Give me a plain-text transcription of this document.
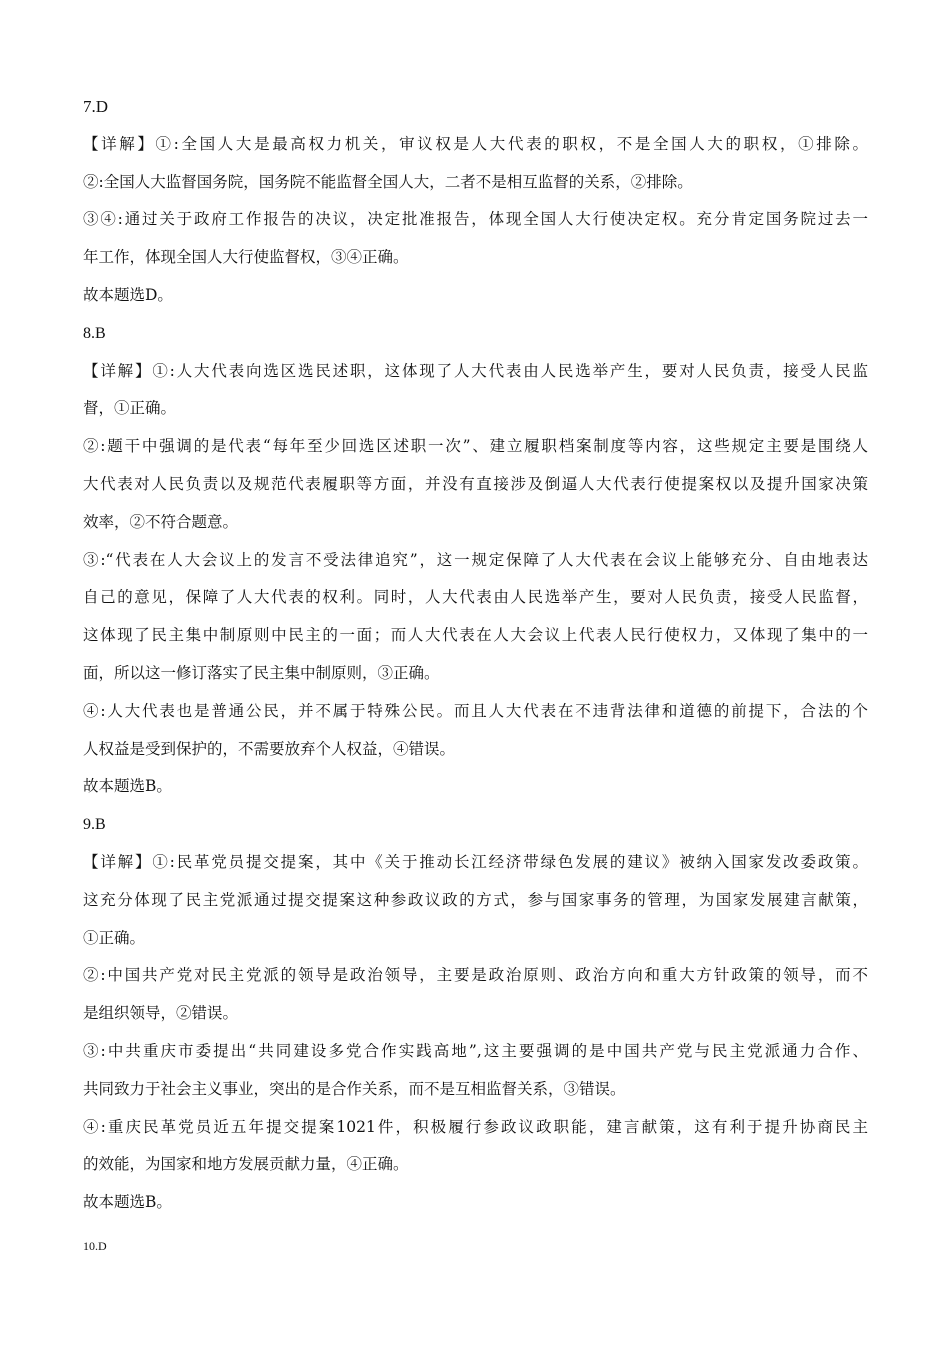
7.D
【详解】①:全国人大是最高权力机关，审议权是人大代表的职权，不是全国人大的职权，①排除。
②:全国人大监督国务院，国务院不能监督全国人大，二者不是相互监督的关系，②排除。
③④:通过关于政府工作报告的决议，决定批准报告，体现全国人大行使决定权。充分肯定国务院过去一
年工作，体现全国人大行使监督权，③④正确。
故本题选D。
8.B
【详解】①:人大代表向选区选民述职，这体现了人大代表由人民选举产生，要对人民负责，接受人民监
督，①正确。
②:题干中强调的是代表“每年至少回选区述职一次”、建立履职档案制度等内容，这些规定主要是围绕人
大代表对人民负责以及规范代表履职等方面，并没有直接涉及倒逼人大代表行使提案权以及提升国家决策
效率，②不符合题意。
③:“代表在人大会议上的发言不受法律追究”，这一规定保障了人大代表在会议上能够充分、自由地表达
自己的意见，保障了人大代表的权利。同时，人大代表由人民选举产生，要对人民负责，接受人民监督，
这体现了民主集中制原则中民主的一面；而人大代表在人大会议上代表人民行使权力，又体现了集中的一
面，所以这一修订落实了民主集中制原则，③正确。
④:人大代表也是普通公民，并不属于特殊公民。而且人大代表在不违背法律和道德的前提下，合法的个
人权益是受到保护的，不需要放弃个人权益，④错误。
故本题选B。
9.B
【详解】①:民革党员提交提案，其中《关于推动长江经济带绿色发展的建议》被纳入国家发改委政策。
这充分体现了民主党派通过提交提案这种参政议政的方式，参与国家事务的管理，为国家发展建言献策，
①正确。
②:中国共产党对民主党派的领导是政治领导，主要是政治原则、政治方向和重大方针政策的领导，而不
是组织领导，②错误。
③:中共重庆市委提出“共同建设多党合作实践高地”,这主要强调的是中国共产党与民主党派通力合作、
共同致力于社会主义事业，突出的是合作关系，而不是互相监督关系，③错误。
④:重庆民革党员近五年提交提案1021件，积极履行参政议政职能，建言献策，这有利于提升协商民主
的效能，为国家和地方发展贡献力量，④正确。
故本题选B。
10.D
